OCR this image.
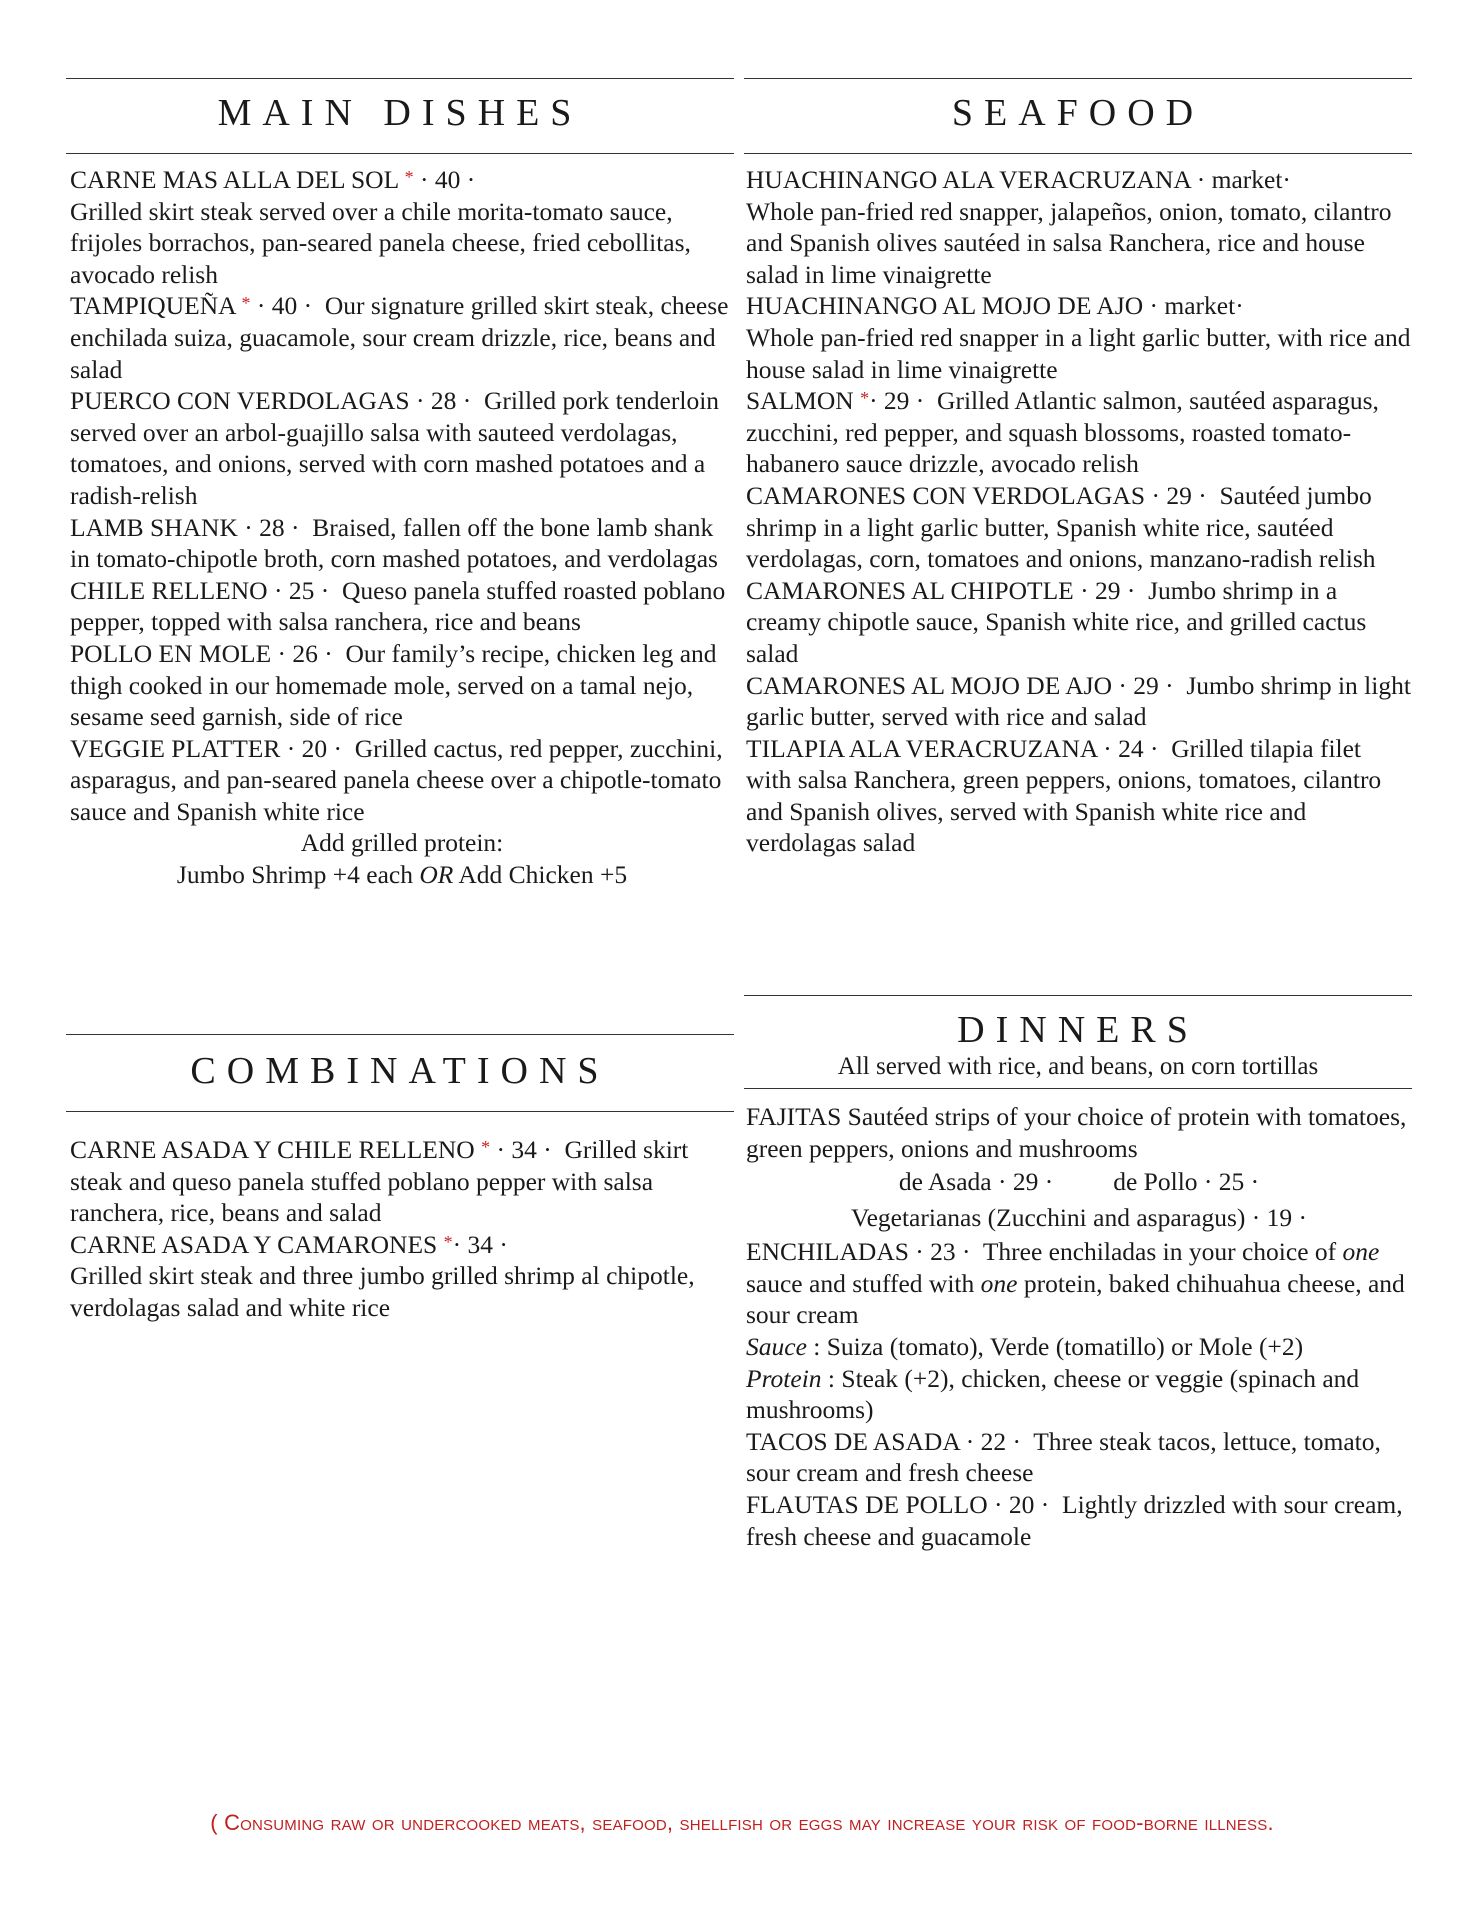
MAIN DISHES

CARNE MAS ALLA DEL SOL * · 40 ·
Grilled skirt steak served over a chile morita-tomato sauce, frijoles borrachos, pan-seared panela cheese, fried cebollitas, avocado relish

TAMPIQUEÑA * · 40 · Our signature grilled skirt steak, cheese enchilada suiza, guacamole, sour cream drizzle, rice, beans and salad

PUERCO CON VERDOLAGAS · 28 · Grilled pork tenderloin served over an arbol-guajillo salsa with sauteed verdolagas, tomatoes, and onions, served with corn mashed potatoes and a radish-relish

LAMB SHANK · 28 · Braised, fallen off the bone lamb shank in tomato-chipotle broth, corn mashed potatoes, and verdolagas

CHILE RELLENO · 25 · Queso panela stuffed roasted poblano pepper, topped with salsa ranchera, rice and beans

POLLO EN MOLE · 26 · Our family’s recipe, chicken leg and thigh cooked in our homemade mole, served on a tamal nejo, sesame seed garnish, side of rice

VEGGIE PLATTER · 20 · Grilled cactus, red pepper, zucchini, asparagus, and pan-seared panela cheese over a chipotle-tomato sauce and Spanish white rice

Add grilled protein:

Jumbo Shrimp +4 each OR Add Chicken +5

SEAFOOD

HUACHINANGO ALA VERACRUZANA · market·
Whole pan-fried red snapper, jalapeños, onion, tomato, cilantro and Spanish olives sautéed in salsa Ranchera, rice and house salad in lime vinaigrette

HUACHINANGO AL MOJO DE AJO · market·
Whole pan-fried red snapper in a light garlic butter, with rice and house salad in lime vinaigrette

SALMON *· 29 · Grilled Atlantic salmon, sautéed asparagus, zucchini, red pepper, and squash blossoms, roasted tomato-habanero sauce drizzle, avocado relish

CAMARONES CON VERDOLAGAS · 29 · Sautéed jumbo shrimp in a light garlic butter, Spanish white rice, sautéed verdolagas, corn, tomatoes and onions, manzano-radish relish

CAMARONES AL CHIPOTLE · 29 · Jumbo shrimp in a creamy chipotle sauce, Spanish white rice, and grilled cactus salad

CAMARONES AL MOJO DE AJO · 29 · Jumbo shrimp in light garlic butter, served with rice and salad

TILAPIA ALA VERACRUZANA · 24 · Grilled tilapia filet with salsa Ranchera, green peppers, onions, tomatoes, cilantro and Spanish olives, served with Spanish white rice and verdolagas salad

COMBINATIONS

CARNE ASADA Y CHILE RELLENO * · 34 · Grilled skirt steak and queso panela stuffed poblano pepper with salsa ranchera, rice, beans and salad

CARNE ASADA Y CAMARONES *· 34 ·
Grilled skirt steak and three jumbo grilled shrimp al chipotle, verdolagas salad and white rice

DINNERS
All served with rice, and beans, on corn tortillas

FAJITAS Sautéed strips of your choice of protein with tomatoes, green peppers, onions and mushrooms

de Asada · 29 · de Pollo · 25 ·

Vegetarianas (Zucchini and asparagus) · 19 ·

ENCHILADAS · 23 · Three enchiladas in your choice of one sauce and stuffed with one protein, baked chihuahua cheese, and sour cream

Sauce : Suiza (tomato), Verde (tomatillo) or Mole (+2)

Protein : Steak (+2), chicken, cheese or veggie (spinach and mushrooms)

TACOS DE ASADA · 22 · Three steak tacos, lettuce, tomato, sour cream and fresh cheese

FLAUTAS DE POLLO · 20 · Lightly drizzled with sour cream, fresh cheese and guacamole

( Consuming raw or undercooked meats, seafood, shellfish or eggs may increase your risk of food-borne illness.
